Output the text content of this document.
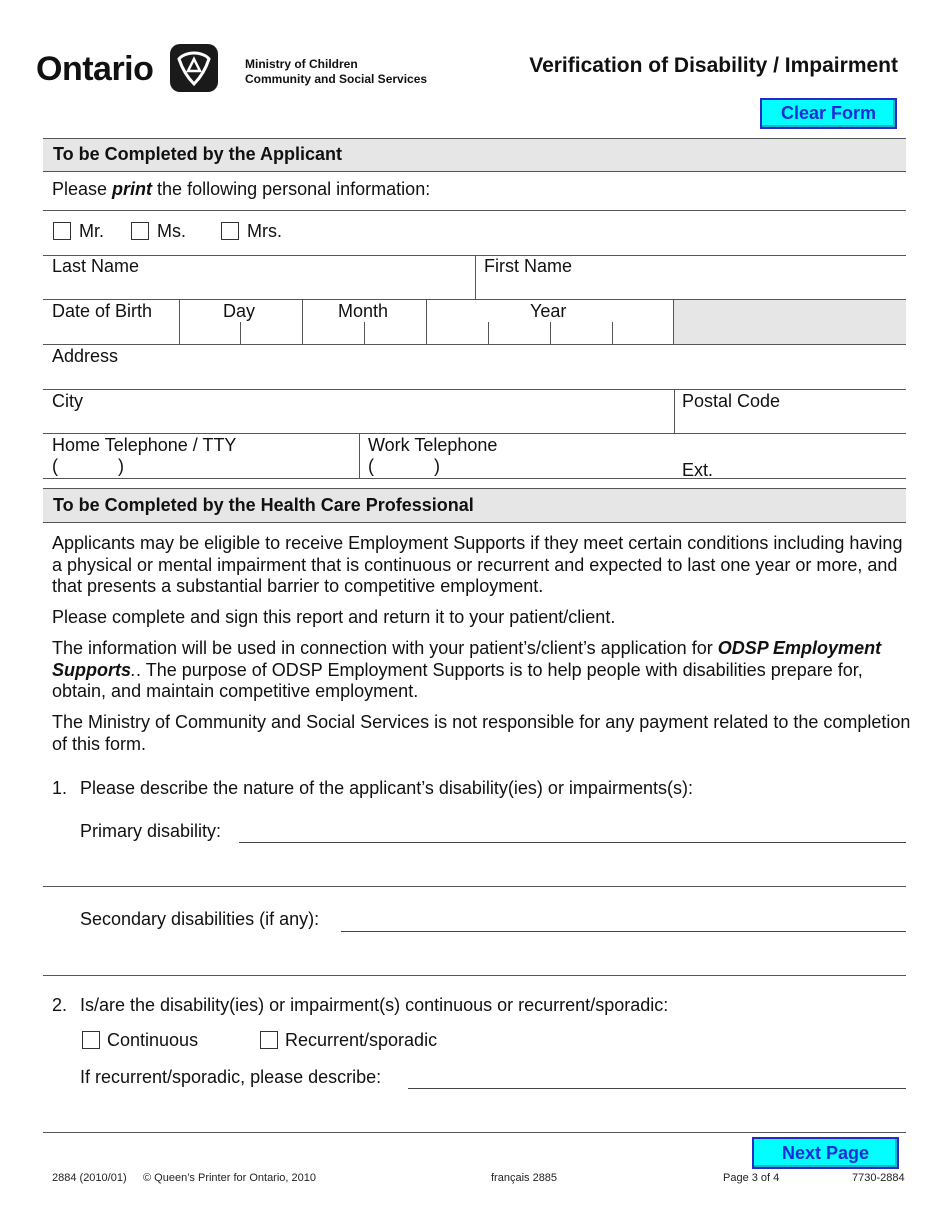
Ontario	Ministry of Children
Community and Social Services
Verification of Disability / Impairment
Clear Form
To be Completed by the Applicant
Please print the following personal information:
Mr.	Ms.	Mrs.
Last Name	First Name
Date of Birth	Day	Month	Year
Address
City	Postal Code
Home Telephone / TTY
(	)
Work Telephone
(	)	Ext.
To be Completed by the Health Care Professional
Applicants may be eligible to receive Employment Supports if they meet certain conditions including having a physical or mental impairment that is continuous or recurrent and expected to last one year or more, and that presents a substantial barrier to competitive employment.
Please complete and sign this report and return it to your patient/client.
The information will be used in connection with your patient’s/client’s application for ODSP Employment Supports.. The purpose of ODSP Employment Supports is to help people with disabilities prepare for, obtain, and maintain competitive employment.
The Ministry of Community and Social Services is not responsible for any payment related to the completion of this form.
1. Please describe the nature of the applicant’s disability(ies) or impairments(s):
Primary disability:
Secondary disabilities (if any):
2. Is/are the disability(ies) or impairment(s) continuous or recurrent/sporadic:
Continuous	Recurrent/sporadic
If recurrent/sporadic, please describe:
Next Page
2884 (2010/01) © Queen’s Printer for Ontario, 2010	français 2885	Page 3 of 4	7730-2884
